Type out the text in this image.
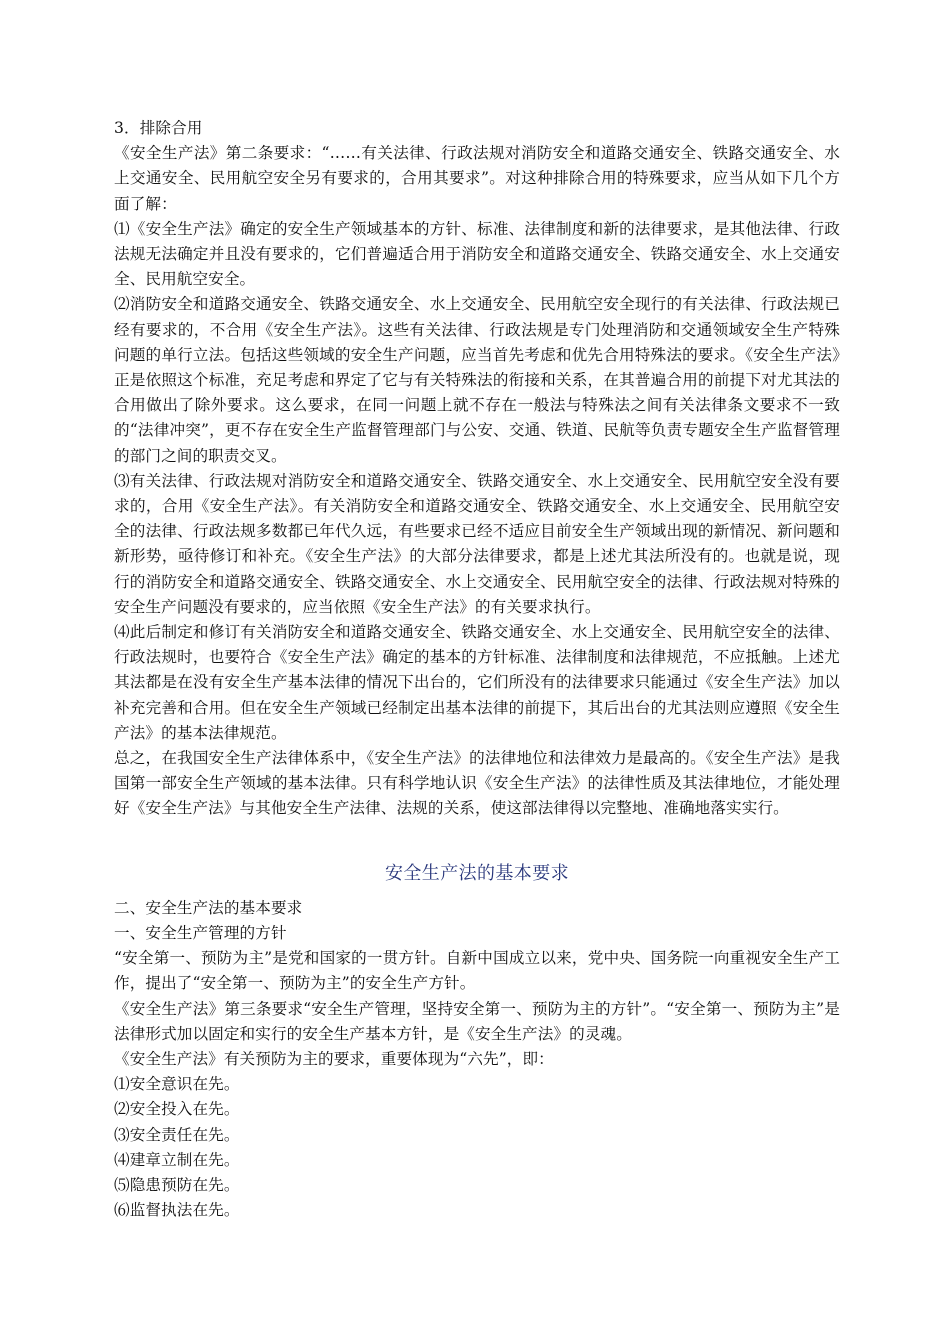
3．排除合用

《安全生产法》第二条要求：“……有关法律、行政法规对消防安全和道路交通安全、铁路交通安全、水上交通安全、民用航空安全另有要求的，合用其要求”。对这种排除合用的特殊要求，应当从如下几个方面了解：

⑴《安全生产法》确定的安全生产领域基本的方针、标准、法律制度和新的法律要求，是其他法律、行政法规无法确定并且没有要求的，它们普遍适合用于消防安全和道路交通安全、铁路交通安全、水上交通安全、民用航空安全。

⑵消防安全和道路交通安全、铁路交通安全、水上交通安全、民用航空安全现行的有关法律、行政法规已经有要求的，不合用《安全生产法》。这些有关法律、行政法规是专门处理消防和交通领域安全生产特殊问题的单行立法。包括这些领域的安全生产问题，应当首先考虑和优先合用特殊法的要求。《安全生产法》正是依照这个标准，充足考虑和界定了它与有关特殊法的衔接和关系，在其普遍合用的前提下对尤其法的合用做出了除外要求。这么要求，在同一问题上就不存在一般法与特殊法之间有关法律条文要求不一致的“法律冲突”，更不存在安全生产监督管理部门与公安、交通、铁道、民航等负责专题安全生产监督管理的部门之间的职责交叉。

⑶有关法律、行政法规对消防安全和道路交通安全、铁路交通安全、水上交通安全、民用航空安全没有要求的，合用《安全生产法》。有关消防安全和道路交通安全、铁路交通安全、水上交通安全、民用航空安全的法律、行政法规多数都已年代久远，有些要求已经不适应目前安全生产领域出现的新情况、新问题和新形势，亟待修订和补充。《安全生产法》的大部分法律要求，都是上述尤其法所没有的。也就是说，现行的消防安全和道路交通安全、铁路交通安全、水上交通安全、民用航空安全的法律、行政法规对特殊的安全生产问题没有要求的，应当依照《安全生产法》的有关要求执行。

⑷此后制定和修订有关消防安全和道路交通安全、铁路交通安全、水上交通安全、民用航空安全的法律、行政法规时，也要符合《安全生产法》确定的基本的方针标准、法律制度和法律规范，不应抵触。上述尤其法都是在没有安全生产基本法律的情况下出台的，它们所没有的法律要求只能通过《安全生产法》加以补充完善和合用。但在安全生产领域已经制定出基本法律的前提下，其后出台的尤其法则应遵照《安全生产法》的基本法律规范。

总之，在我国安全生产法律体系中，《安全生产法》的法律地位和法律效力是最高的。《安全生产法》是我国第一部安全生产领域的基本法律。只有科学地认识《安全生产法》的法律性质及其法律地位，才能处理好《安全生产法》与其他安全生产法律、法规的关系，使这部法律得以完整地、准确地落实实行。

安全生产法的基本要求

二、安全生产法的基本要求

一、安全生产管理的方针

“安全第一、预防为主”是党和国家的一贯方针。自新中国成立以来，党中央、国务院一向重视安全生产工作，提出了“安全第一、预防为主”的安全生产方针。

《安全生产法》第三条要求“安全生产管理，坚持安全第一、预防为主的方针”。“安全第一、预防为主”是法律形式加以固定和实行的安全生产基本方针，是《安全生产法》的灵魂。

《安全生产法》有关预防为主的要求，重要体现为“六先”，即：

⑴安全意识在先。

⑵安全投入在先。

⑶安全责任在先。

⑷建章立制在先。

⑸隐患预防在先。

⑹监督执法在先。
